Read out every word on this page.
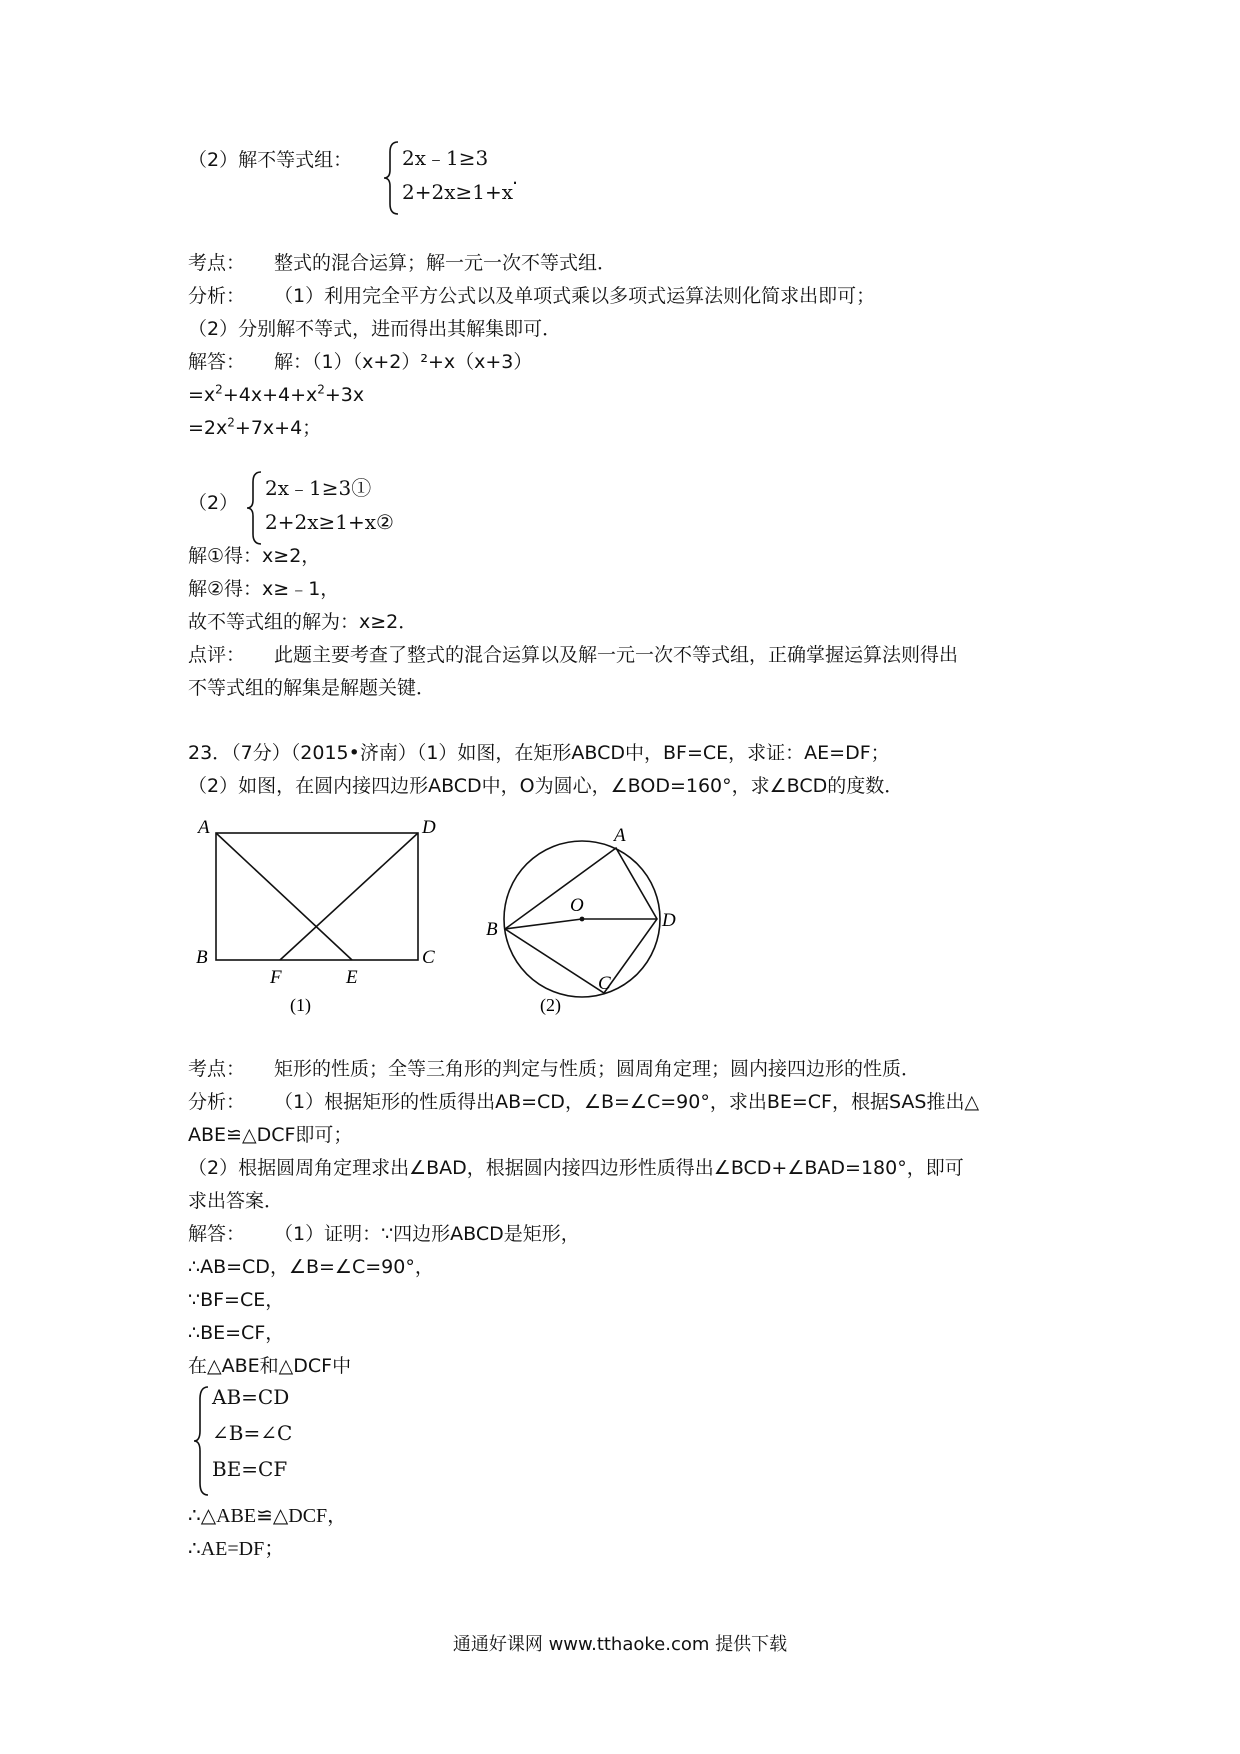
（2）解不等式组： 2x﹣1≥3
2+2x≥1+x
.
考点： 整式的混合运算；解一元一次不等式组．
分析： （1）利用完全平方公式以及单项式乘以多项式运算法则化简求出即可；
（2）分别解不等式，进而得出其解集即可．
解答： 解：（1）（x+2）²+x（x+3）
$=x^2+4x+4+x^2+3x$
$=2x^2+7x+4$；
（2）
2x﹣1≥3①
2+2x≥1+x②
解①得：x≥2，
解②得：x≥﹣1，
故不等式组的解为：x≥2．
点评： 此题主要考查了整式的混合运算以及解一元一次不等式组，正确掌握运算法则得出
不等式组的解集是解题关键．
23．（7分）（2015•济南）（1）如图，在矩形ABCD中，BF=CE，求证：AE=DF；
（2）如图，在圆内接四边形ABCD中，O为圆心，∠BOD=160°，求∠BCD的度数．
A	D
B	C
F	E
(1)
A
O
B	D
C
(2)
考点： 矩形的性质；全等三角形的判定与性质；圆周角定理；圆内接四边形的性质．
分析： （1）根据矩形的性质得出AB=CD，∠B=∠C=90°，求出BE=CF，根据SAS推出△
ABE≌△DCF即可；
（2）根据圆周角定理求出∠BAD，根据圆内接四边形性质得出∠BCD+∠BAD=180°，即可
求出答案．
解答： （1）证明：∵四边形ABCD是矩形，
∴AB=CD，∠B=∠C=90°，
∵BF=CE，
∴BE=CF，
在△ABE和△DCF中
AB=CD
∠B=∠C
BE=CF
∴△ABE≌△DCF，
∴AE=DF；
通通好课网 www.tthaoke.com 提供下载
